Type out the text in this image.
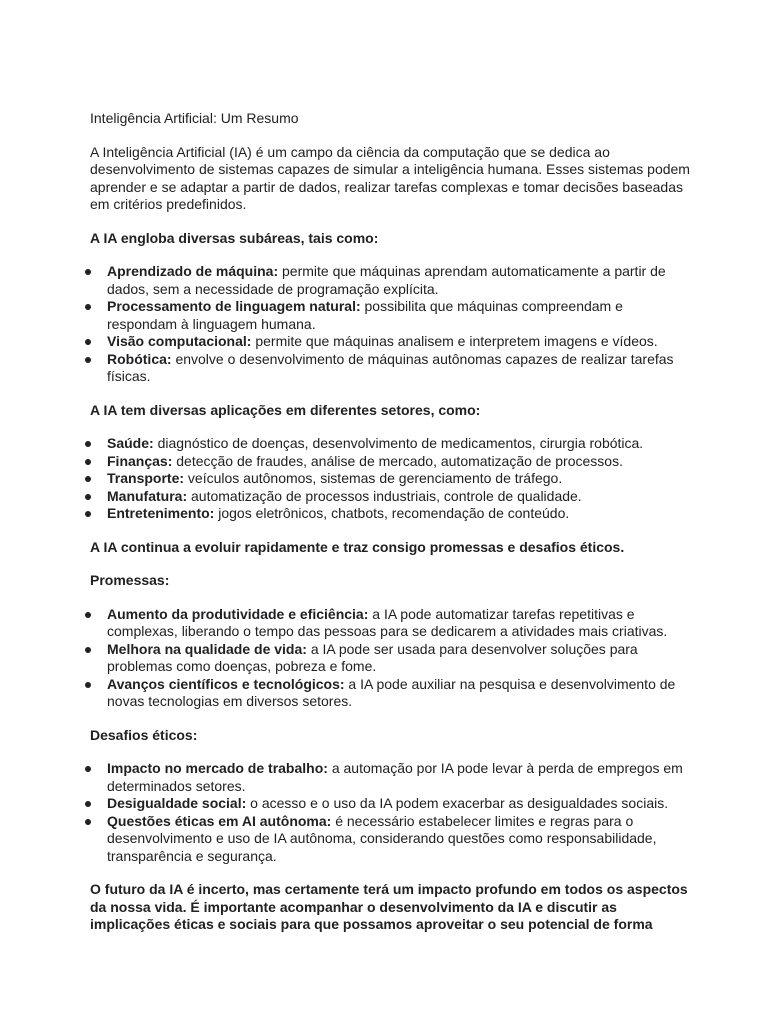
Inteligência Artificial: Um Resumo

A Inteligência Artificial (IA) é um campo da ciência da computação que se dedica ao desenvolvimento de sistemas capazes de simular a inteligência humana. Esses sistemas podem aprender e se adaptar a partir de dados, realizar tarefas complexas e tomar decisões baseadas em critérios predefinidos.

A IA engloba diversas subáreas, tais como:
Aprendizado de máquina: permite que máquinas aprendam automaticamente a partir de dados, sem a necessidade de programação explícita.
Processamento de linguagem natural: possibilita que máquinas compreendam e respondam à linguagem humana.
Visão computacional: permite que máquinas analisem e interpretem imagens e vídeos.
Robótica: envolve o desenvolvimento de máquinas autônomas capazes de realizar tarefas físicas.
A IA tem diversas aplicações em diferentes setores, como:
Saúde: diagnóstico de doenças, desenvolvimento de medicamentos, cirurgia robótica.
Finanças: detecção de fraudes, análise de mercado, automatização de processos.
Transporte: veículos autônomos, sistemas de gerenciamento de tráfego.
Manufatura: automatização de processos industriais, controle de qualidade.
Entretenimento: jogos eletrônicos, chatbots, recomendação de conteúdo.
A IA continua a evoluir rapidamente e traz consigo promessas e desafios éticos.
Promessas:
Aumento da produtividade e eficiência: a IA pode automatizar tarefas repetitivas e complexas, liberando o tempo das pessoas para se dedicarem a atividades mais criativas.
Melhora na qualidade de vida: a IA pode ser usada para desenvolver soluções para problemas como doenças, pobreza e fome.
Avanços científicos e tecnológicos: a IA pode auxiliar na pesquisa e desenvolvimento de novas tecnologias em diversos setores.
Desafios éticos:
Impacto no mercado de trabalho: a automação por IA pode levar à perda de empregos em determinados setores.
Desigualdade social: o acesso e o uso da IA podem exacerbar as desigualdades sociais.
Questões éticas em AI autônoma: é necessário estabelecer limites e regras para o desenvolvimento e uso de IA autônoma, considerando questões como responsabilidade, transparência e segurança.

O futuro da IA é incerto, mas certamente terá um impacto profundo em todos os aspectos da nossa vida. É importante acompanhar o desenvolvimento da IA e discutir as implicações éticas e sociais para que possamos aproveitar o seu potencial de forma
